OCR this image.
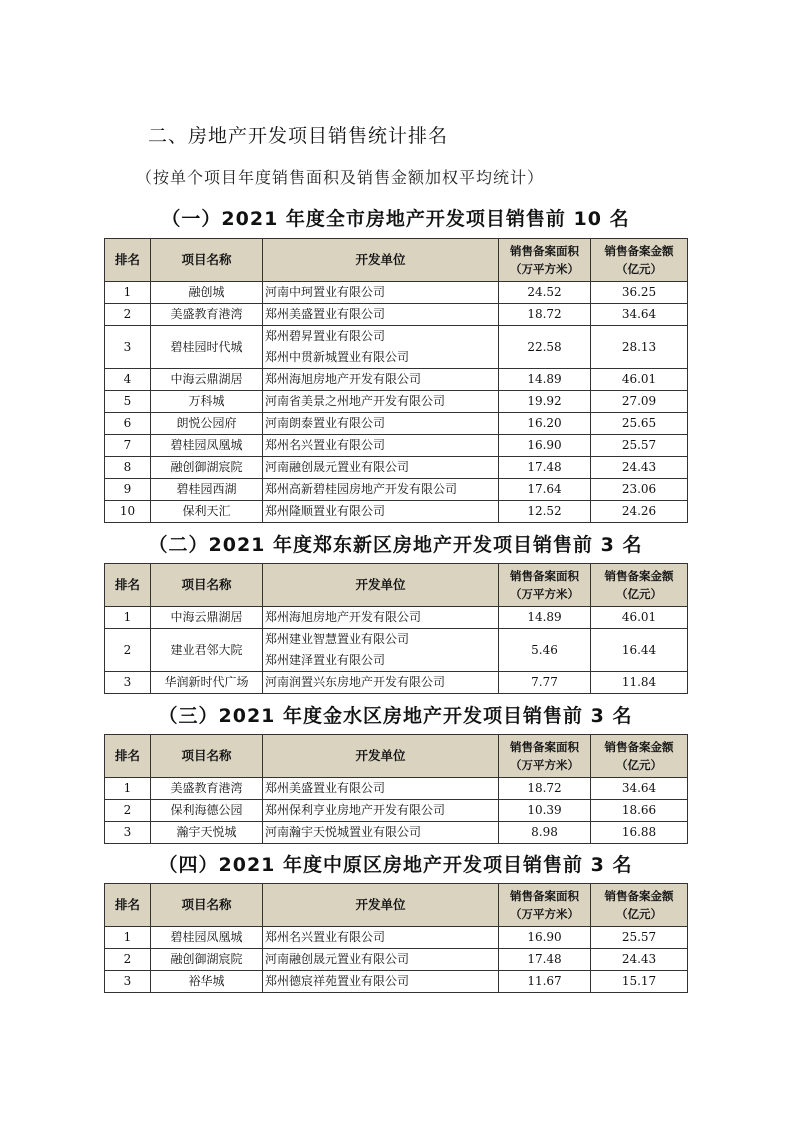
二、房地产开发项目销售统计排名
（按单个项目年度销售面积及销售金额加权平均统计）
（一）2021 年度全市房地产开发项目销售前 10 名
排名	项目名称	开发单位	销售备案面积
（万平方米）	销售备案金额
（亿元）

1	融创城	河南中珂置业有限公司	24.52	36.25
2	美盛教育港湾	郑州美盛置业有限公司	18.72	34.64
3	碧桂园时代城	郑州碧昇置业有限公司
郑州中贯新城置业有限公司	22.58	28.13
4	中海云鼎湖居	郑州海旭房地产开发有限公司	14.89	46.01
5	万科城	河南省美景之州地产开发有限公司	19.92	27.09
6	朗悦公园府	河南朗泰置业有限公司	16.20	25.65
7	碧桂园凤凰城	郑州名兴置业有限公司	16.90	25.57
8	融创御湖宸院	河南融创晟元置业有限公司	17.48	24.43
9	碧桂园西湖	郑州高新碧桂园房地产开发有限公司	17.64	23.06
10	保利天汇	郑州隆顺置业有限公司	12.52	24.26
（二）2021 年度郑东新区房地产开发项目销售前 3 名
排名	项目名称	开发单位	销售备案面积
（万平方米）	销售备案金额
（亿元）

1	中海云鼎湖居	郑州海旭房地产开发有限公司	14.89	46.01
2	建业君邻大院	郑州建业智慧置业有限公司
郑州建泽置业有限公司	5.46	16.44
3	华润新时代广场	河南润置兴东房地产开发有限公司	7.77	11.84
（三）2021 年度金水区房地产开发项目销售前 3 名
排名	项目名称	开发单位	销售备案面积
（万平方米）	销售备案金额
（亿元）

1	美盛教育港湾	郑州美盛置业有限公司	18.72	34.64
2	保利海德公园	郑州保利亨业房地产开发有限公司	10.39	18.66
3	瀚宇天悦城	河南瀚宇天悦城置业有限公司	8.98	16.88
（四）2021 年度中原区房地产开发项目销售前 3 名
排名	项目名称	开发单位	销售备案面积
（万平方米）	销售备案金额
（亿元）

1	碧桂园凤凰城	郑州名兴置业有限公司	16.90	25.57
2	融创御湖宸院	河南融创晟元置业有限公司	17.48	24.43
3	裕华城	郑州德宸祥苑置业有限公司	11.67	15.17
